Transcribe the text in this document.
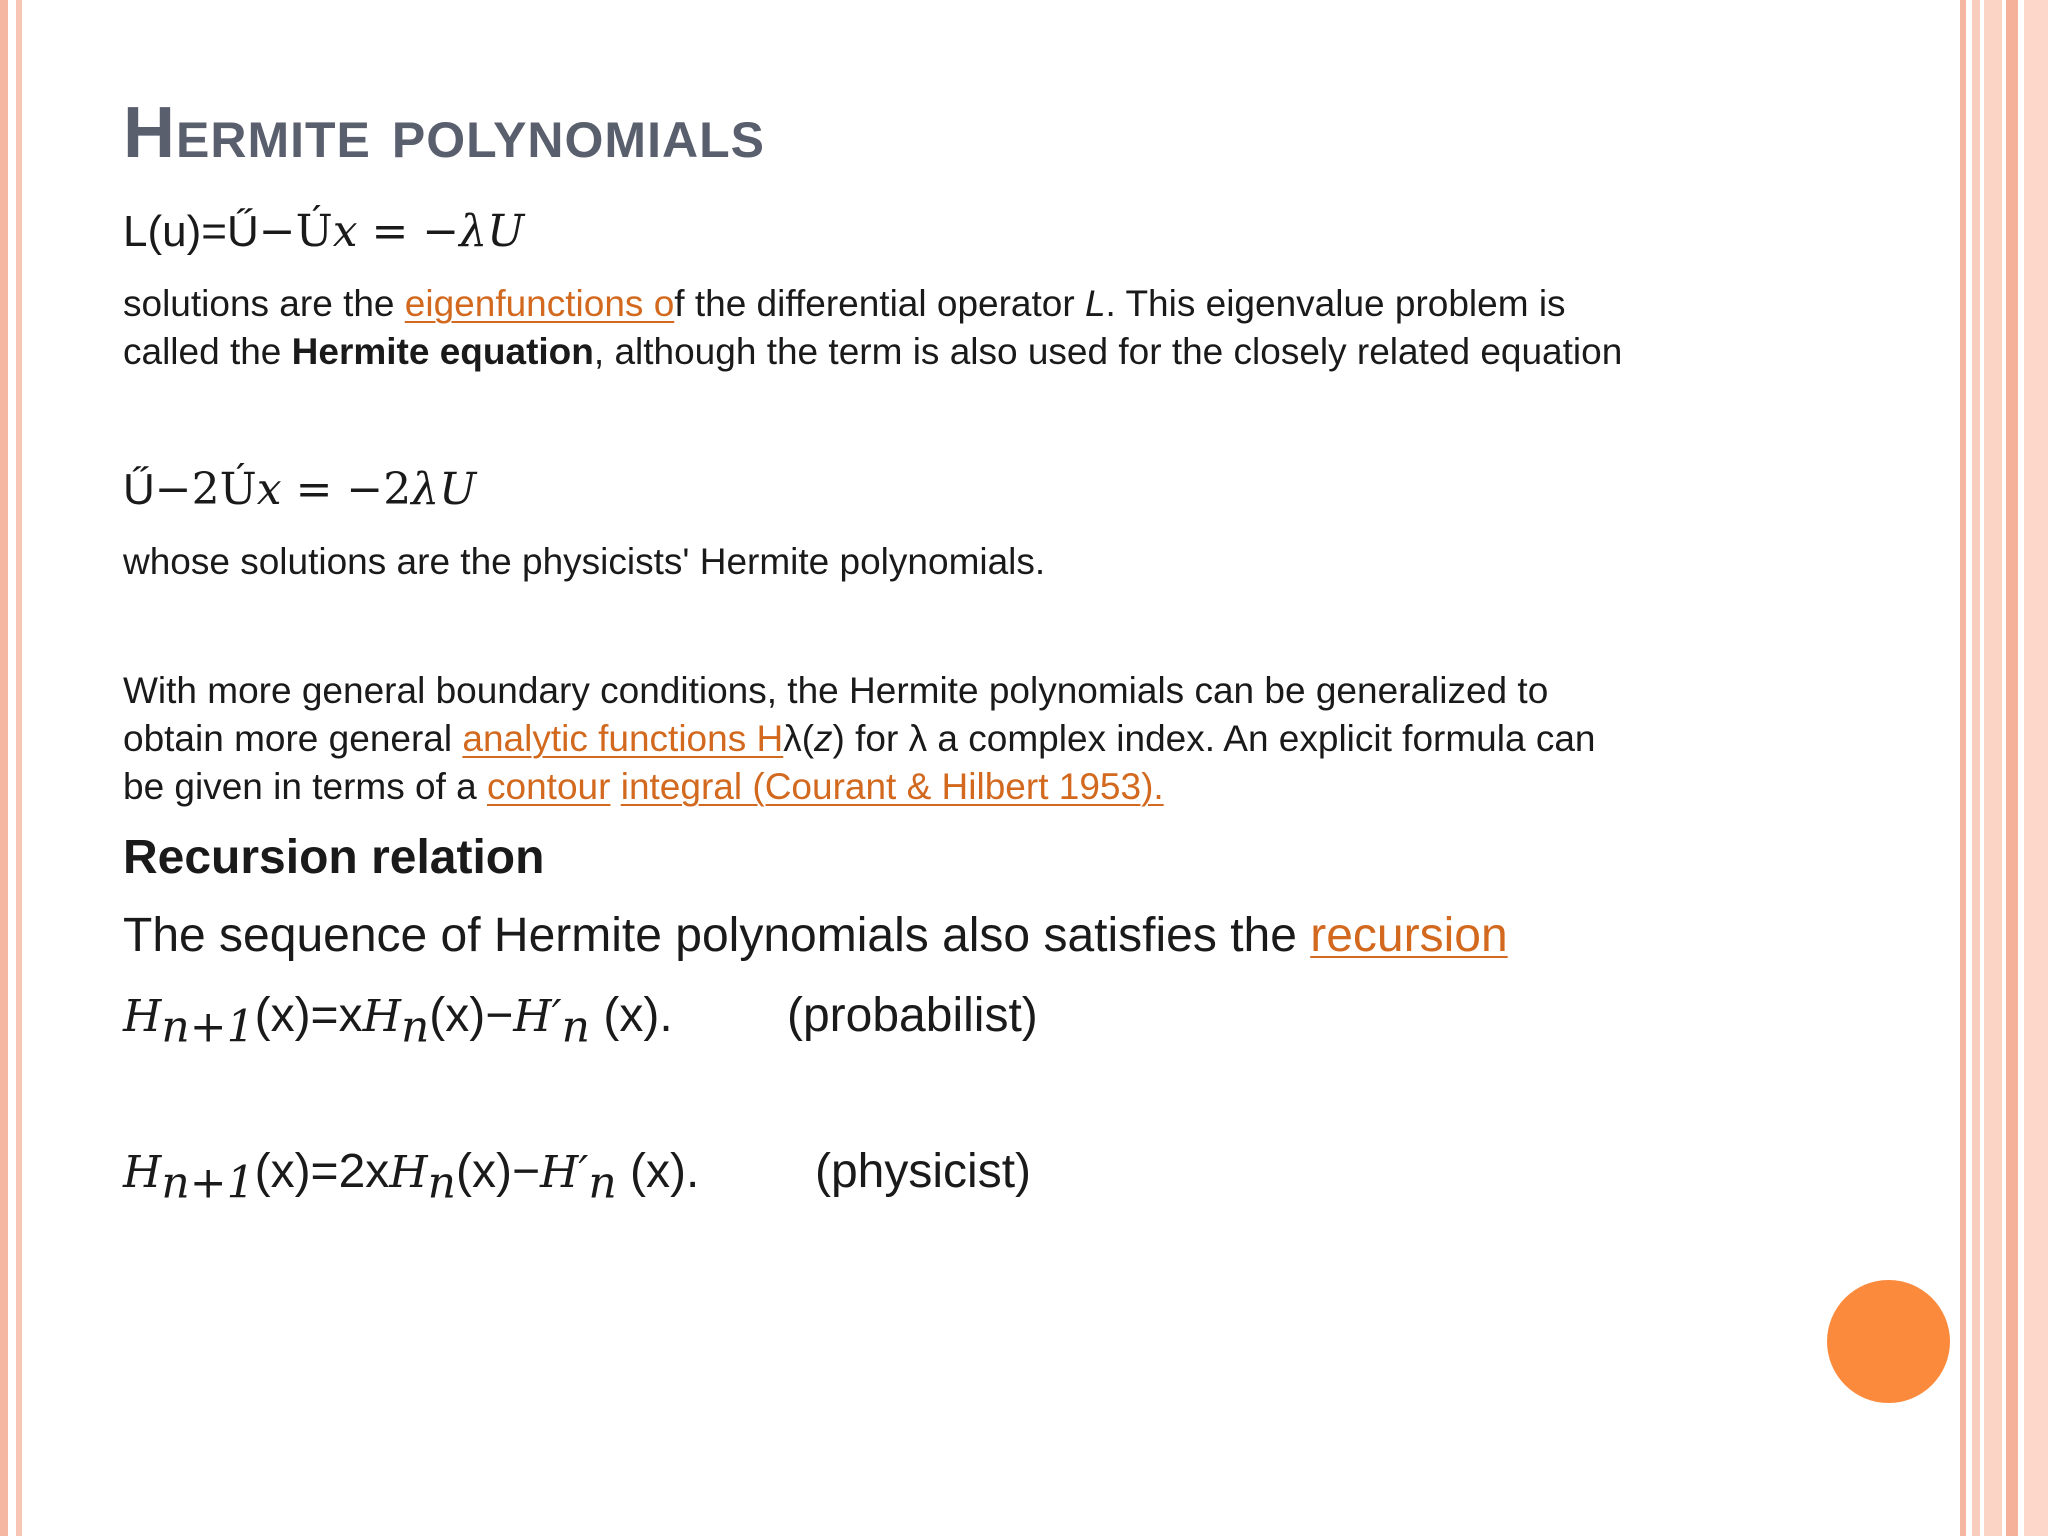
Hermite polynomials
L(u)=Ű−Úx = −λU
solutions are the eigenfunctions of the differential operator L. This eigenvalue problem is
called the Hermite equation, although the term is also used for the closely related equation
Ű−2Úx = −2λU
whose solutions are the physicists' Hermite polynomials.
With more general boundary conditions, the Hermite polynomials can be generalized to
obtain more general analytic functions Hλ(z) for λ a complex index. An explicit formula can
be given in terms of a contour integral (Courant & Hilbert 1953).
Recursion relation
The sequence of Hermite polynomials also satisfies the recursion
$H_{n+1}(x)=xH_n(x)-H'_n$ (x). (probabilist)
$H_{n+1}(x)=2xH_n(x)-H'_n$ (x). (physicist)
